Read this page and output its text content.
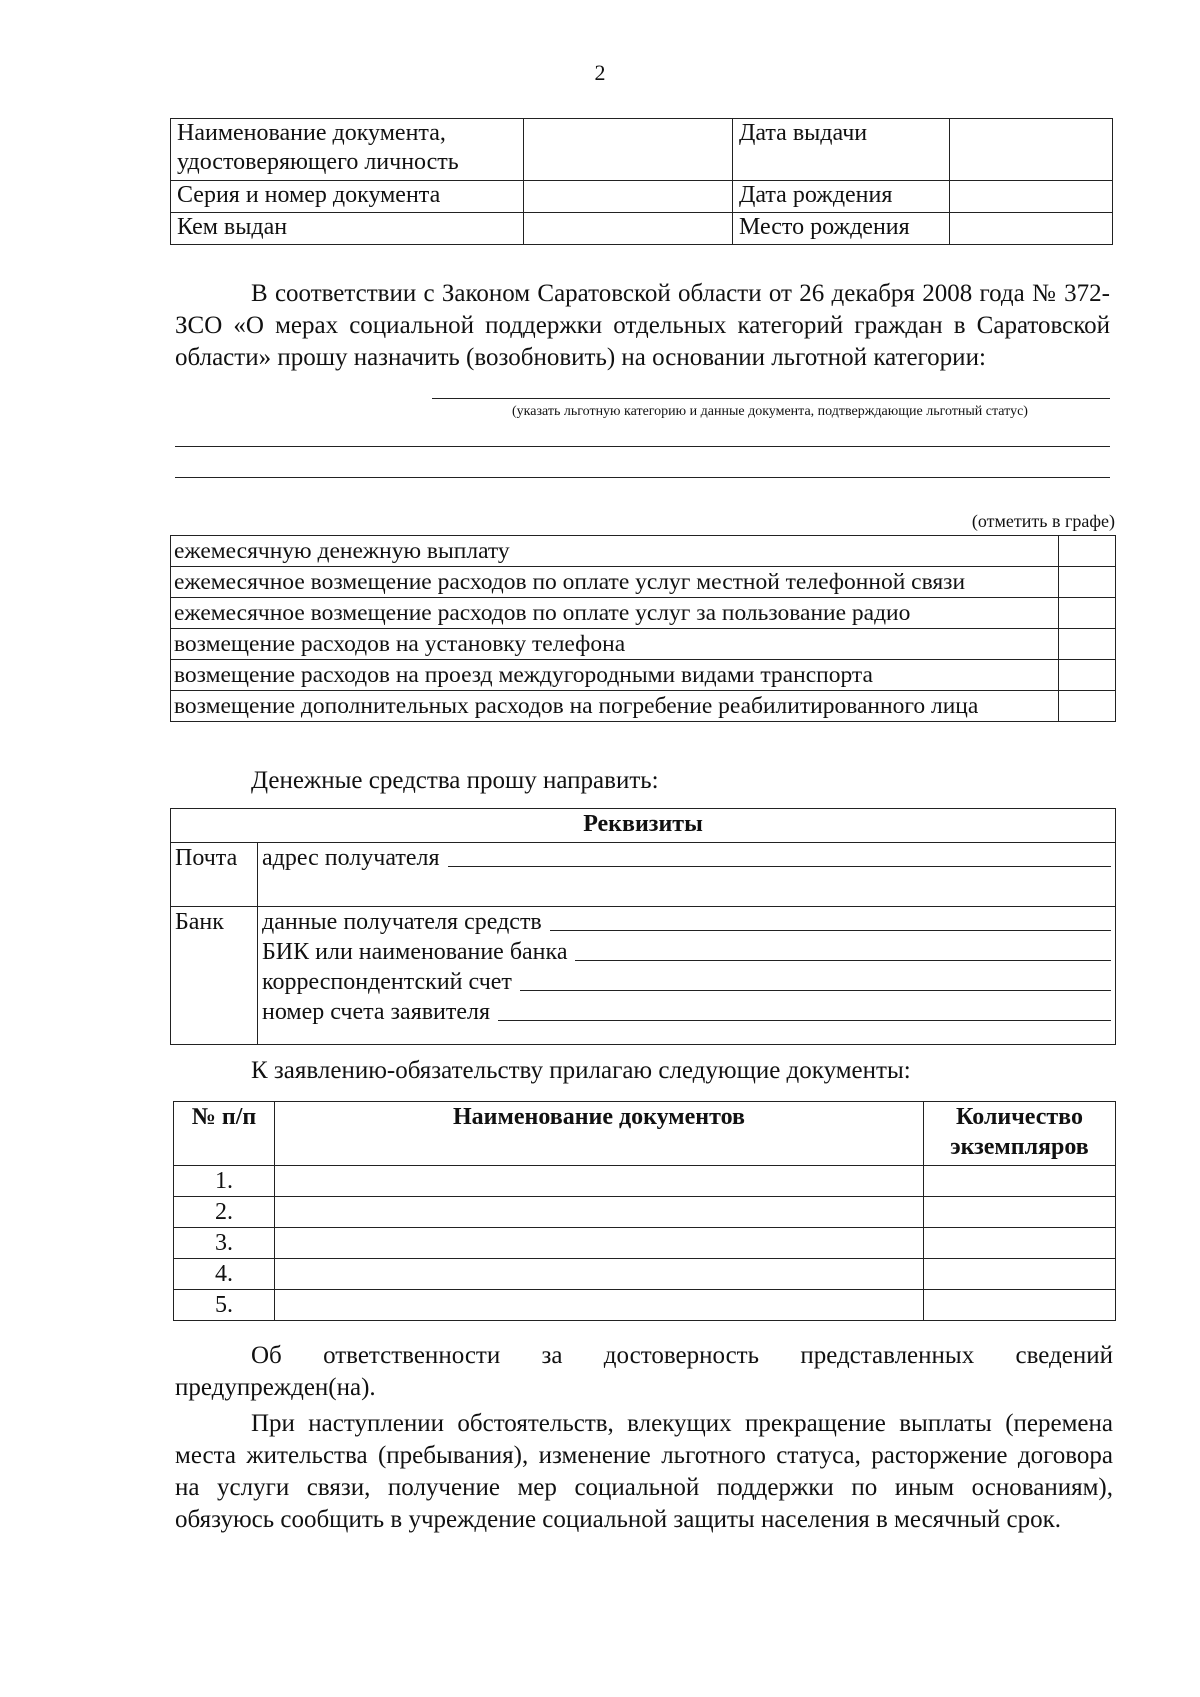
2
Наименование документа, удостоверяющего личность		Дата выдачи	
Серия и номер документа		Дата рождения	
Кем выдан		Место рождения	
В соответствии с Законом Саратовской области от 26 декабря 2008 года № 372-ЗСО «О мерах социальной поддержки отдельных категорий граждан в Саратовской области» прошу назначить (возобновить) на основании льготной категории:
(указать льготную категорию и данные документа, подтверждающие льготный статус)
(отметить в графе)
ежемесячную денежную выплату	
ежемесячное возмещение расходов по оплате услуг местной телефонной связи	
ежемесячное возмещение расходов по оплате услуг за пользование радио	
возмещение расходов на установку телефона	
возмещение расходов на проезд междугородными видами транспорта	
возмещение дополнительных расходов на погребение реабилитированного лица	
Денежные средства прошу направить:
Реквизиты	
Почта	адрес получателя

Банк	данные получателя средств
БИК или наименование банка
корреспондентский счет
номер счета заявителя
К заявлению-обязательству прилагаю следующие документы:
№ п/п	Наименование документов	Количество экземпляров
1.		
2.		
3.		
4.		
5.		
Об ответственности за достоверность представленных сведений предупрежден(на).
При наступлении обстоятельств, влекущих прекращение выплаты (перемена места жительства (пребывания), изменение льготного статуса, расторжение договора на услуги связи, получение мер социальной поддержки по иным основаниям), обязуюсь сообщить в учреждение социальной защиты населения в месячный срок.
